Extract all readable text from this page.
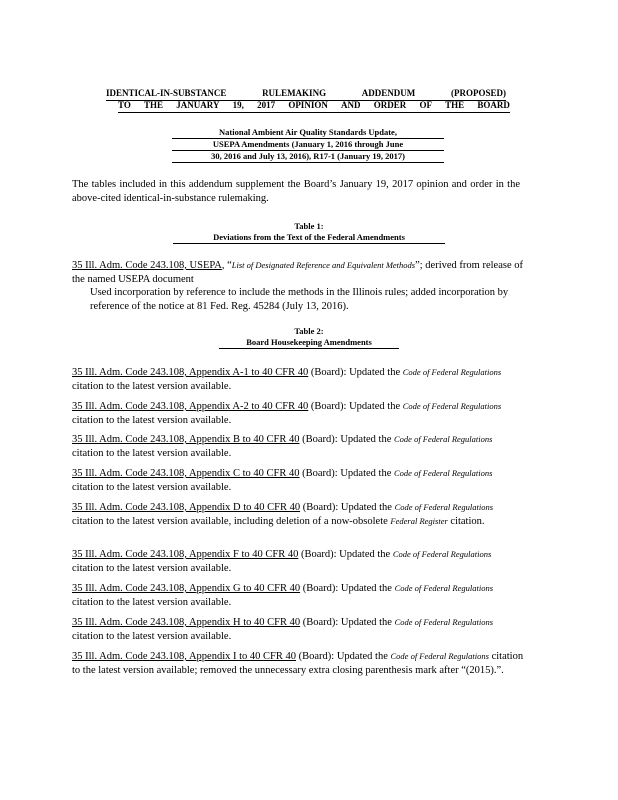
IDENTICAL-IN-SUBSTANCE	RULEMAKING	ADDENDUM	(PROPOSED)
TO THE JANUARY 19, 2017 OPINION AND ORDER OF THE BOARD
National Ambient Air Quality Standards Update,
USEPA Amendments (January 1, 2016 through June
30, 2016 and July 13, 2016), R17-1 (January 19, 2017)
The tables included in this addendum supplement the Board’s January 19, 2017 opinion and order in the above-cited identical-in-substance rulemaking.
Table 1:
Deviations from the Text of the Federal Amendments
35 Ill. Adm. Code 243.108, USEPA, “List of Designated Reference and Equivalent Methods”; derived from release of the named USEPA document
Used incorporation by reference to include the methods in the Illinois rules; added incorporation by reference of the notice at 81 Fed. Reg. 45284 (July 13, 2016).
Table 2:
Board Housekeeping Amendments
35 Ill. Adm. Code 243.108, Appendix A-1 to 40 CFR 40 (Board): Updated the Code of Federal Regulations citation to the latest version available.
35 Ill. Adm. Code 243.108, Appendix A-2 to 40 CFR 40 (Board): Updated the Code of Federal Regulations citation to the latest version available.
35 Ill. Adm. Code 243.108, Appendix B to 40 CFR 40 (Board): Updated the Code of Federal Regulations citation to the latest version available.
35 Ill. Adm. Code 243.108, Appendix C to 40 CFR 40 (Board): Updated the Code of Federal Regulations citation to the latest version available.
35 Ill. Adm. Code 243.108, Appendix D to 40 CFR 40 (Board): Updated the Code of Federal Regulations citation to the latest version available, including deletion of a now-obsolete Federal Register citation.
35 Ill. Adm. Code 243.108, Appendix F to 40 CFR 40 (Board): Updated the Code of Federal Regulations citation to the latest version available.
35 Ill. Adm. Code 243.108, Appendix G to 40 CFR 40 (Board): Updated the Code of Federal Regulations citation to the latest version available.
35 Ill. Adm. Code 243.108, Appendix H to 40 CFR 40 (Board): Updated the Code of Federal Regulations citation to the latest version available.
35 Ill. Adm. Code 243.108, Appendix I to 40 CFR 40 (Board): Updated the Code of Federal Regulations citation to the latest version available; removed the unnecessary extra closing parenthesis mark after “(2015).”.
